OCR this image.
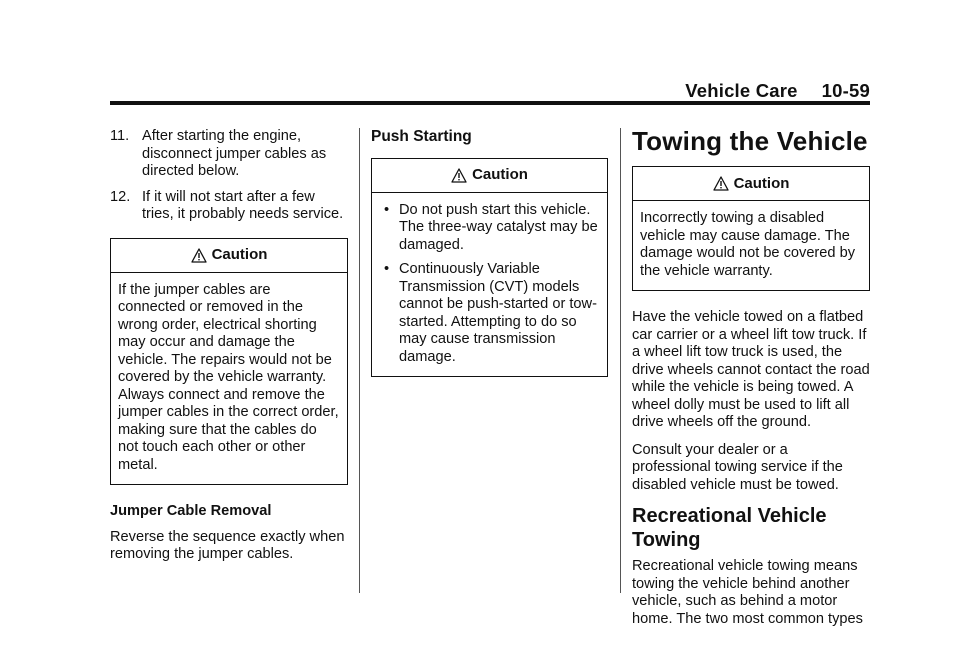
Vehicle Care 10-59
11. After starting the engine, disconnect jumper cables as directed below.
12. If it will not start after a few tries, it probably needs service.
Caution
If the jumper cables are connected or removed in the wrong order, electrical shorting may occur and damage the vehicle. The repairs would not be covered by the vehicle warranty. Always connect and remove the jumper cables in the correct order, making sure that the cables do not touch each other or other metal.
Jumper Cable Removal

Reverse the sequence exactly when removing the jumper cables.

Push Starting
Caution
• Do not push start this vehicle. The three-way catalyst may be damaged.
• Continuously Variable Transmission (CVT) models cannot be push-started or tow-started. Attempting to do so may cause transmission damage.
Towing the Vehicle
Caution
Incorrectly towing a disabled vehicle may cause damage. The damage would not be covered by the vehicle warranty.

Have the vehicle towed on a flatbed car carrier or a wheel lift tow truck. If a wheel lift tow truck is used, the drive wheels cannot contact the road while the vehicle is being towed. A wheel dolly must be used to lift all drive wheels off the ground.

Consult your dealer or a professional towing service if the disabled vehicle must be towed.

Recreational Vehicle Towing

Recreational vehicle towing means towing the vehicle behind another vehicle, such as behind a motor home. The two most common types
